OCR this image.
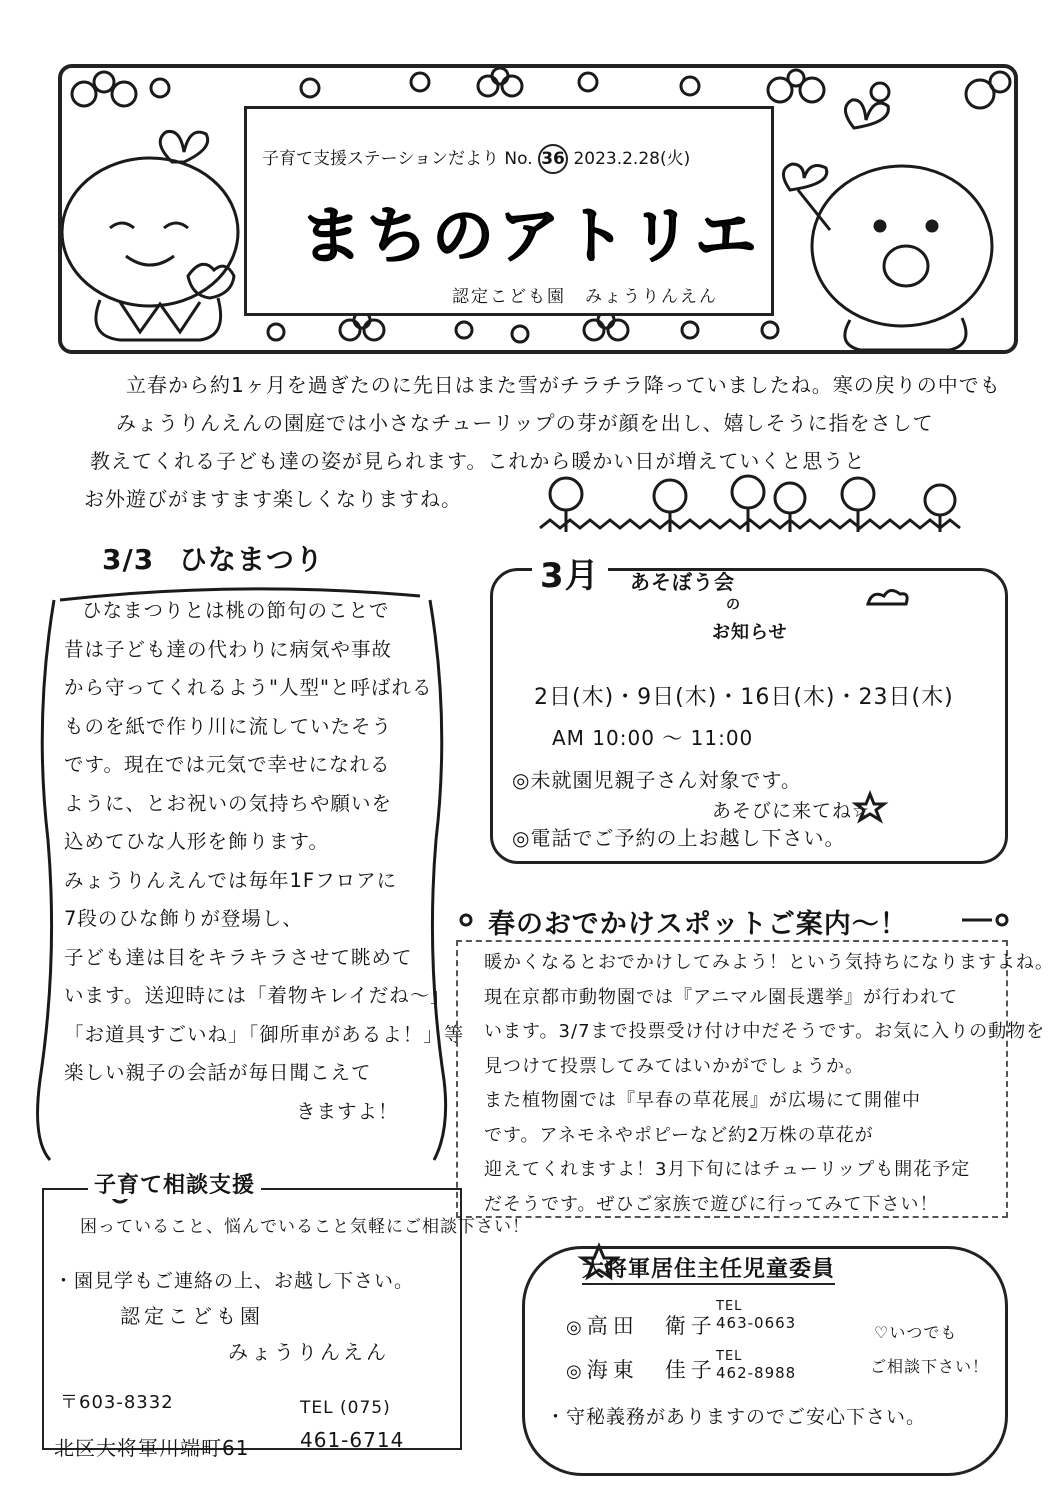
子育て支援ステーションだより No. 36 2023.2.28(火)
まちのアトリエ
認定こども園　みょうりんえん
立春から約1ヶ月を過ぎたのに先日はまた雪がチラチラ降っていましたね。寒の戻りの中でも
みょうりんえんの園庭では小さなチューリップの芽が顔を出し、嬉しそうに指をさして
教えてくれる子ども達の姿が見られます。これから暖かい日が増えていくと思うと
お外遊びがますます楽しくなりますね。
3/3 ひなまつり
ひなまつりとは桃の節句のことで
昔は子ども達の代わりに病気や事故
から守ってくれるよう"人型"と呼ばれる
ものを紙で作り川に流していたそう
です。現在では元気で幸せになれる
ように、とお祝いの気持ちや願いを
込めてひな人形を飾ります。
みょうりんえんでは毎年1Fフロアに
7段のひな飾りが登場し、
子ども達は目をキラキラさせて眺めて
います。送迎時には「着物キレイだね～」
「お道具すごいね」「御所車があるよ！」等
楽しい親子の会話が毎日聞こえて
きますよ！
3月	あそぼう会
の
お知らせ
2日(木)・9日(木)・16日(木)・23日(木)
AM 10:00 ～ 11:00
◎未就園児親子さん対象です。
あそびに来てね☆
◎電話でご予約の上お越し下さい。
春のおでかけスポットご案内～！
暖かくなるとおでかけしてみよう！という気持ちになりますよね。
現在京都市動物園では『アニマル園長選挙』が行われて
います。3/7まで投票受け付け中だそうです。お気に入りの動物を
見つけて投票してみてはいかがでしょうか。
また植物園では『早春の草花展』が広場にて開催中
です。アネモネやポピーなど約2万株の草花が
迎えてくれますよ！3月下旬にはチューリップも開花予定
だそうです。ぜひご家族で遊びに行ってみて下さい！
子育て相談支援
困っていること、悩んでいること気軽にご相談下さい！
・園見学もご連絡の上、お越し下さい。
認定こども園
みょうりんえん
〒603-8332	TEL (075)
北区大将軍川端町61	461-6714
大将軍居住主任児童委員
◎高田　衛子
TEL
463-0663
◎海東　佳子
TEL
462-8988
♡いつでも
ご相談下さい！
・守秘義務がありますのでご安心下さい。
